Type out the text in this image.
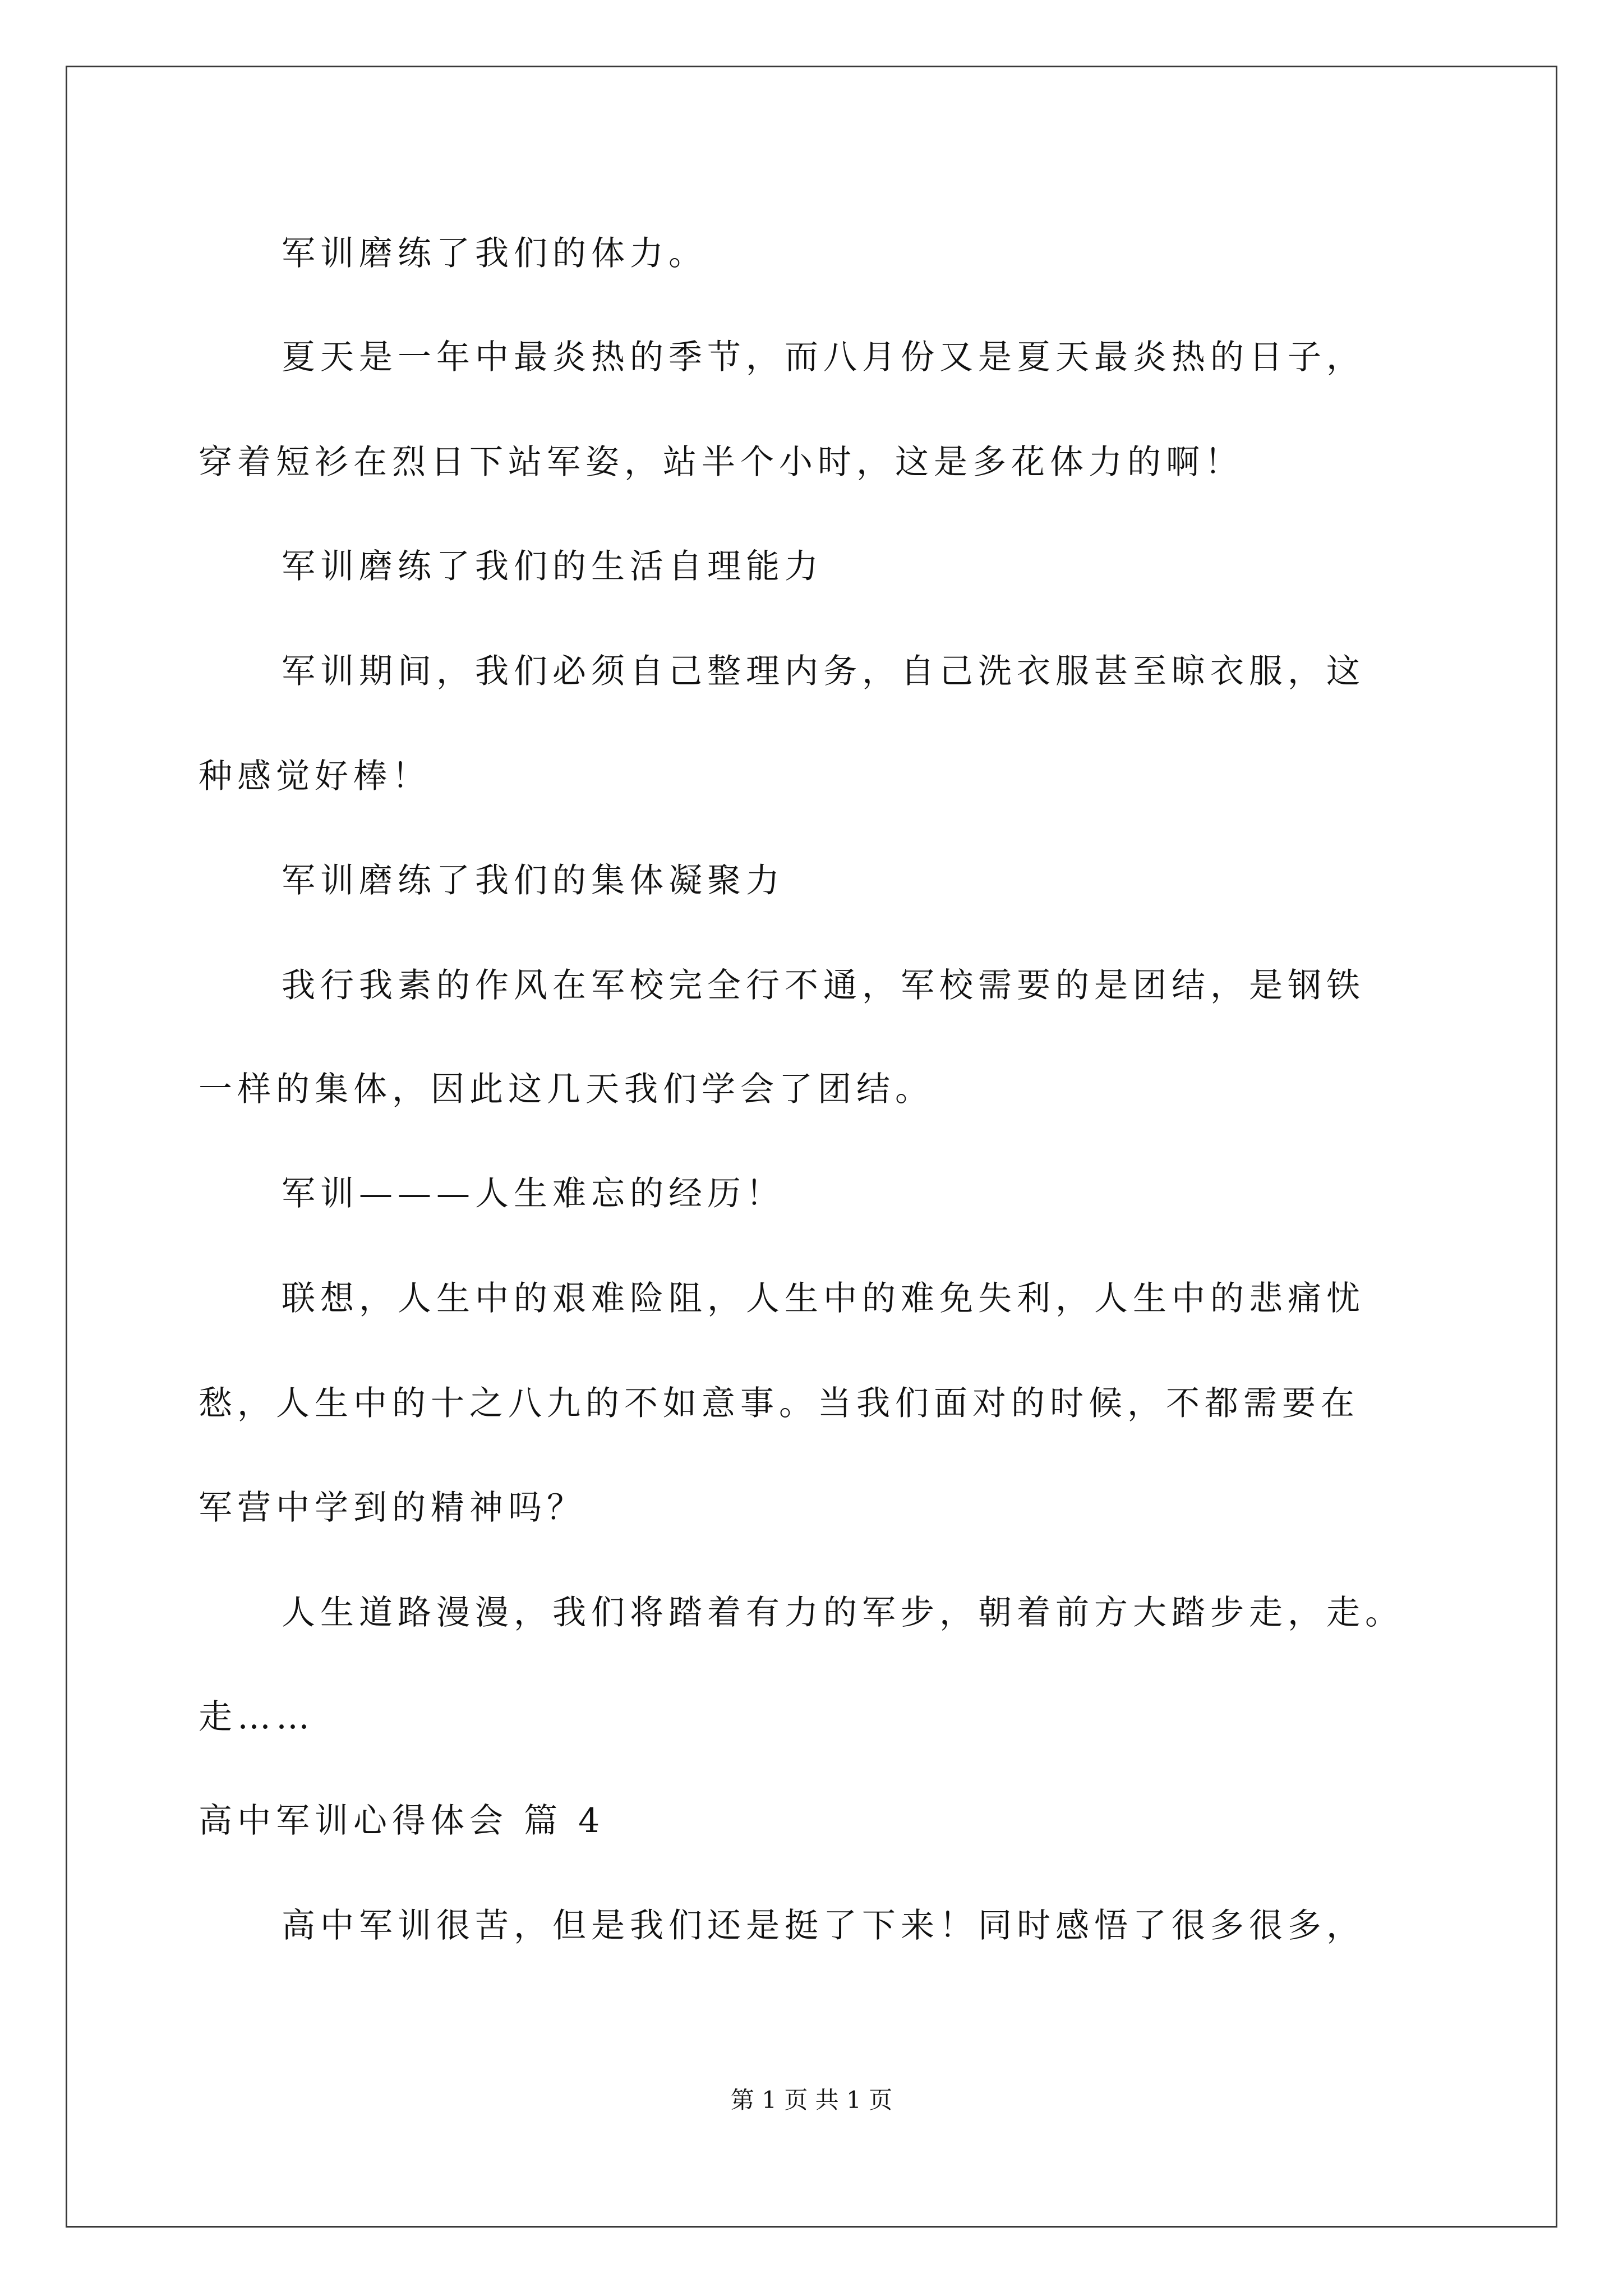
军训磨练了我们的体力。
夏天是一年中最炎热的季节，而八月份又是夏天最炎热的日子，
穿着短衫在烈日下站军姿，站半个小时，这是多花体力的啊！
军训磨练了我们的生活自理能力
军训期间，我们必须自己整理内务，自己洗衣服甚至晾衣服，这
种感觉好棒！
军训磨练了我们的集体凝聚力
我行我素的作风在军校完全行不通，军校需要的是团结，是钢铁
一样的集体，因此这几天我们学会了团结。
军训———人生难忘的经历！
联想，人生中的艰难险阻，人生中的难免失利，人生中的悲痛忧
愁，人生中的十之八九的不如意事。当我们面对的时候，不都需要在
军营中学到的精神吗？
人生道路漫漫，我们将踏着有力的军步，朝着前方大踏步走，走。
走……
高中军训心得体会 篇 4
高中军训很苦，但是我们还是挺了下来！同时感悟了很多很多，
第 1 页 共 1 页
